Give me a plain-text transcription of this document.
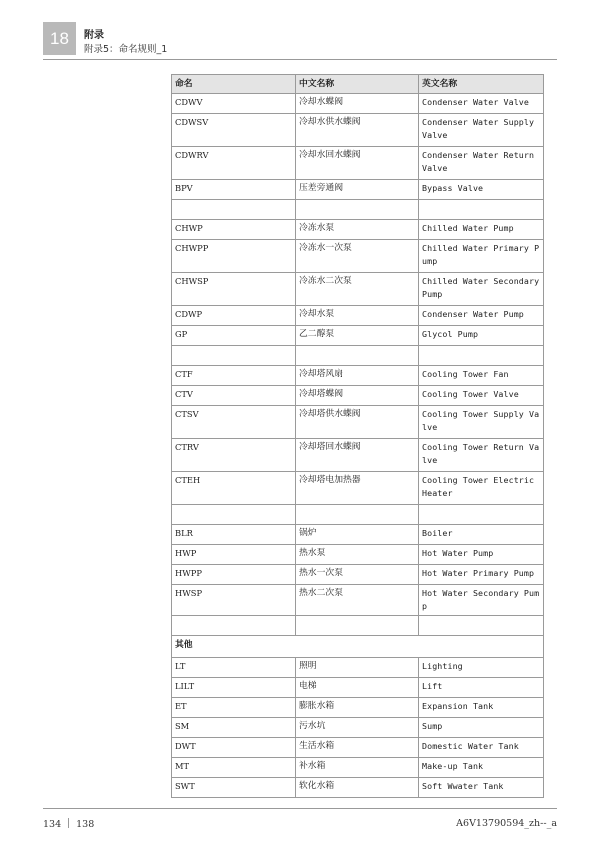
18 附录
附录5：命名规则_1
命名	中文名称	英文名称
CDWV	冷却水蝶阀	Condenser Water Valve
CDWSV	冷却水供水蝶阀	Condenser Water Supply Valve
CDWRV	冷却水回水蝶阀	Condenser Water Return Valve
BPV	压差旁通阀	Bypass Valve

CHWP	冷冻水泵	Chilled Water Pump
CHWPP	冷冻水一次泵	Chilled Water Primary Pump
CHWSP	冷冻水二次泵	Chilled Water Secondary Pump
CDWP	冷却水泵	Condenser Water Pump
GP	乙二醇泵	Glycol Pump

CTF	冷却塔风扇	Cooling Tower Fan
CTV	冷却塔蝶阀	Cooling Tower Valve
CTSV	冷却塔供水蝶阀	Cooling Tower Supply Valve
CTRV	冷却塔回水蝶阀	Cooling Tower Return Valve
CTEH	冷却塔电加热器	Cooling Tower Electric Heater

BLR	锅炉	Boiler
HWP	热水泵	Hot Water Pump
HWPP	热水一次泵	Hot Water Primary Pump
HWSP	热水二次泵	Hot Water Secondary Pump

其他		
LT	照明	Lighting
LILT	电梯	Lift
ET	膨胀水箱	Expansion Tank
SM	污水坑	Sump
DWT	生活水箱	Domestic Water Tank
MT	补水箱	Make-up Tank
SWT	软化水箱	Soft Wwater Tank
134 138	A6V13790594_zh--_a
